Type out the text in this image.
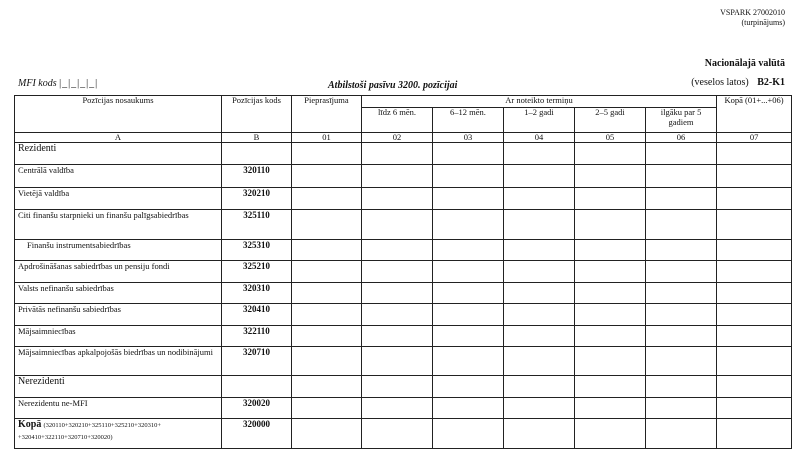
VSPARK 27002010
(turpinājums)
Nacionālajā valūtā
(veselos latos) B2-K1
MFI kods |_|_|_|_|	Atbilstoši pasīvu 3200. pozīcijai
Pozīcijas nosaukums	Pozīcijas kods	Pieprasījuma	Ar noteikto termiņu					Kopā (01+...+06)
			līdz 6 mēn.	6–12 mēn.	1–2 gadi	2–5 gadi	ilgāku par 5 gadiem	
A	B	01	02	03	04	05	06	07
Rezidenti								
Centrālā valdība	320110							
Vietējā valdība	320210							
Citi finanšu starpnieki un finanšu palīgsabiedrības	325110							
Finanšu instrumentsabiedrības	325310							
Apdrošināšanas sabiedrības un pensiju fondi	325210							
Valsts nefinanšu sabiedrības	320310							
Privātās nefinanšu sabiedrības	320410							
Mājsaimniecības	322110							
Mājsaimniecības apkalpojošās biedrības un nodibinājumi	320710							
Nerezidenti								
Nerezidentu ne-MFI	320020							
Kopā (320110+320210+325110+325210+320310+ +320410+322110+320710+320020)	320000							
